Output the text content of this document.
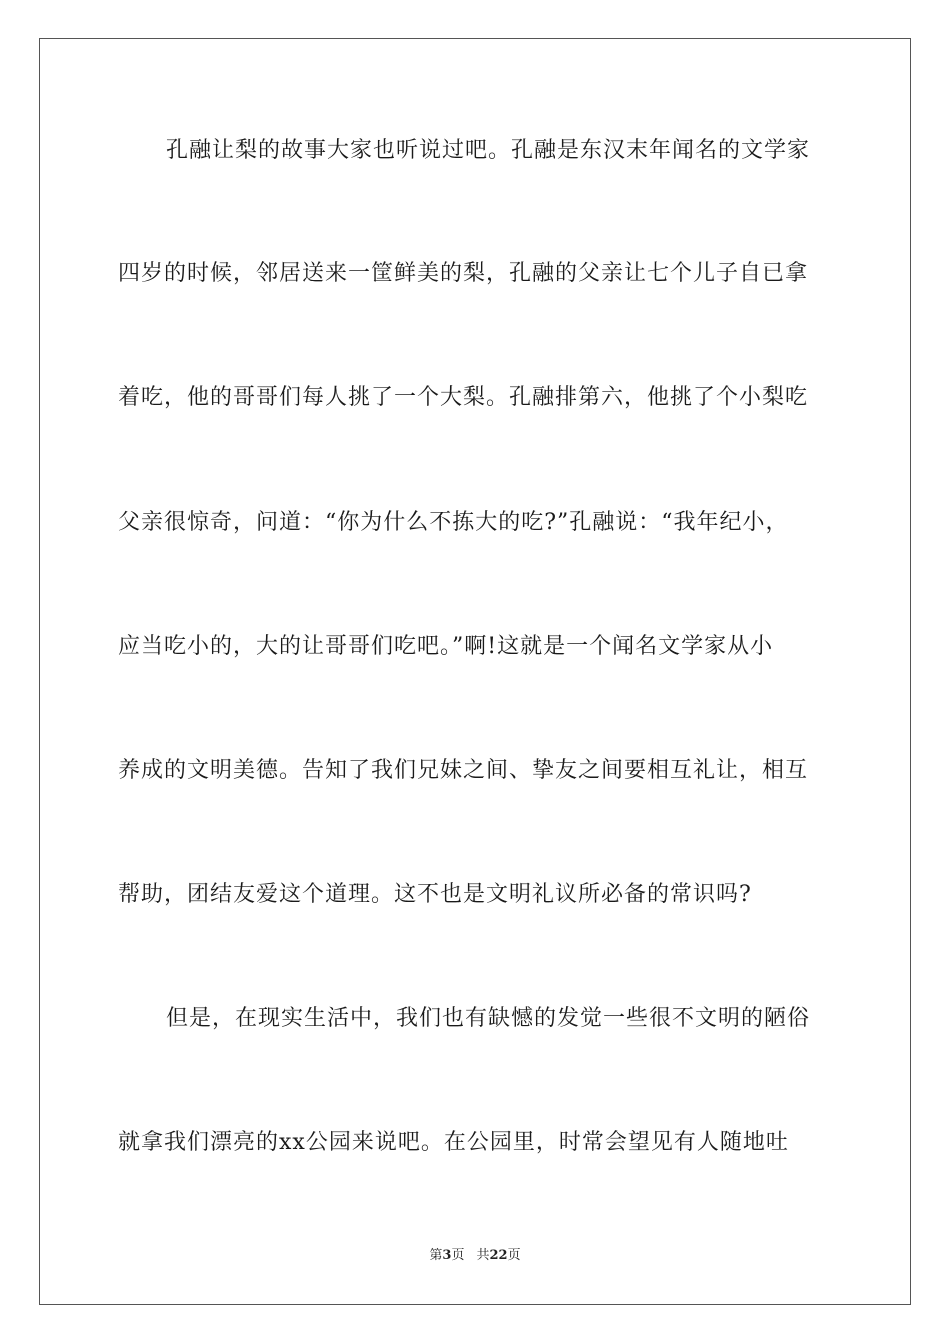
孔融让梨的故事大家也听说过吧。孔融是东汉末年闻名的文学家
四岁的时候，邻居送来一筐鲜美的梨，孔融的父亲让七个儿子自已拿
着吃，他的哥哥们每人挑了一个大梨。孔融排第六，他挑了个小梨吃
父亲很惊奇，问道：“你为什么不拣大的吃?”孔融说：“我年纪小，
应当吃小的，大的让哥哥们吃吧。”啊!这就是一个闻名文学家从小
养成的文明美德。告知了我们兄妹之间、挚友之间要相互礼让，相互
帮助，团结友爱这个道理。这不也是文明礼议所必备的常识吗?
但是，在现实生活中，我们也有缺憾的发觉一些很不文明的陋俗
就拿我们漂亮的xx公园来说吧。在公园里，时常会望见有人随地吐
第3页 共22页
